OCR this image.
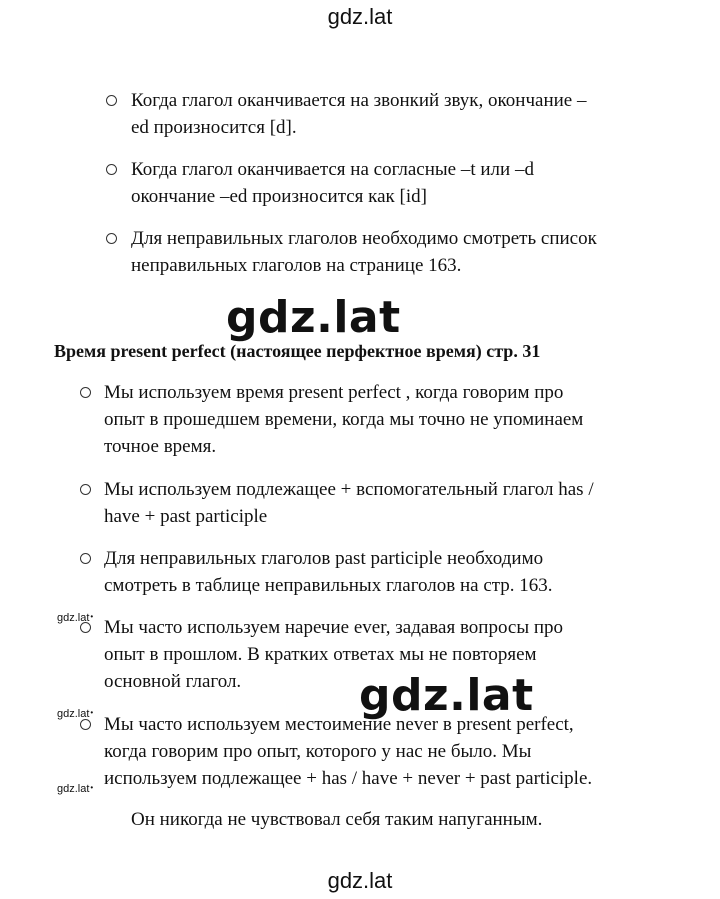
gdz.lat
Когда глагол оканчивается на звонкий звук, окончание –
ed произносится [d].
Когда глагол оканчивается на согласные –t или –d
окончание –ed произносится как [id]
Для неправильных глаголов необходимо смотреть список
неправильных глаголов на странице 163.
Время present perfect (настоящее перфектное время) стр. 31
Мы используем время present perfect , когда говорим про
опыт в прошедшем времени, когда мы точно не упоминаем
точное время.
Мы используем подлежащее + вспомогательный глагол has /
have + past participle
Для неправильных глаголов past participle необходимо
смотреть в таблице неправильных глаголов на стр. 163.
Мы часто используем наречие ever, задавая вопросы про
опыт в прошлом. В кратких ответах мы не повторяем
основной глагол.
Мы часто используем местоимение never в present perfect,
когда говорим про опыт, которого у нас не было. Мы
используем подлежащее + has / have + never + past participle.
Он никогда не чувствовал себя таким напуганным.
gdz.lat
gdz.lat
gdz.lat •
gdz.lat •
gdz.lat •
gdz.lat
